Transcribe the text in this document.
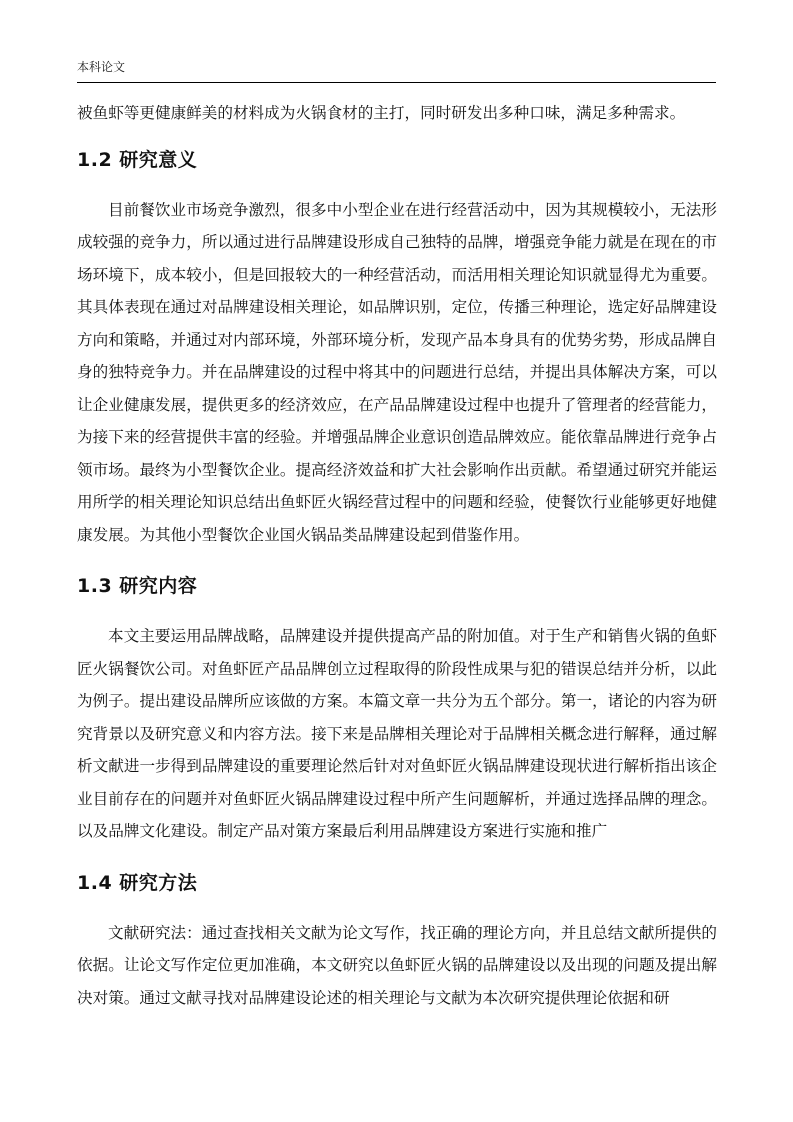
本科论文

被鱼虾等更健康鲜美的材料成为火锅食材的主打，同时研发出多种口味，满足多种需求。

1.2 研究意义

目前餐饮业市场竞争激烈，很多中小型企业在进行经营活动中，因为其规模较小，无法形成较强的竞争力，所以通过进行品牌建设形成自己独特的品牌，增强竞争能力就是在现在的市场环境下，成本较小，但是回报较大的一种经营活动，而活用相关理论知识就显得尤为重要。其具体表现在通过对品牌建设相关理论，如品牌识别，定位，传播三种理论，选定好品牌建设方向和策略，并通过对内部环境，外部环境分析，发现产品本身具有的优势劣势，形成品牌自身的独特竞争力。并在品牌建设的过程中将其中的问题进行总结，并提出具体解决方案，可以让企业健康发展，提供更多的经济效应，在产品品牌建设过程中也提升了管理者的经营能力，为接下来的经营提供丰富的经验。并增强品牌企业意识创造品牌效应。能依靠品牌进行竞争占领市场。最终为小型餐饮企业。提高经济效益和扩大社会影响作出贡献。希望通过研究并能运用所学的相关理论知识总结出鱼虾匠火锅经营过程中的问题和经验，使餐饮行业能够更好地健康发展。为其他小型餐饮企业国火锅品类品牌建设起到借鉴作用。

1.3 研究内容

本文主要运用品牌战略，品牌建设并提供提高产品的附加值。对于生产和销售火锅的鱼虾匠火锅餐饮公司。对鱼虾匠产品品牌创立过程取得的阶段性成果与犯的错误总结并分析，以此为例子。提出建设品牌所应该做的方案。本篇文章一共分为五个部分。第一，诸论的内容为研究背景以及研究意义和内容方法。接下来是品牌相关理论对于品牌相关概念进行解释，通过解析文献进一步得到品牌建设的重要理论然后针对对鱼虾匠火锅品牌建设现状进行解析指出该企业目前存在的问题并对鱼虾匠火锅品牌建设过程中所产生问题解析，并通过选择品牌的理念。以及品牌文化建设。制定产品对策方案最后利用品牌建设方案进行实施和推广

1.4 研究方法

文献研究法：通过查找相关文献为论文写作，找正确的理论方向，并且总结文献所提供的依据。让论文写作定位更加准确，本文研究以鱼虾匠火锅的品牌建设以及出现的问题及提出解决对策。通过文献寻找对品牌建设论述的相关理论与文献为本次研究提供理论依据和研
